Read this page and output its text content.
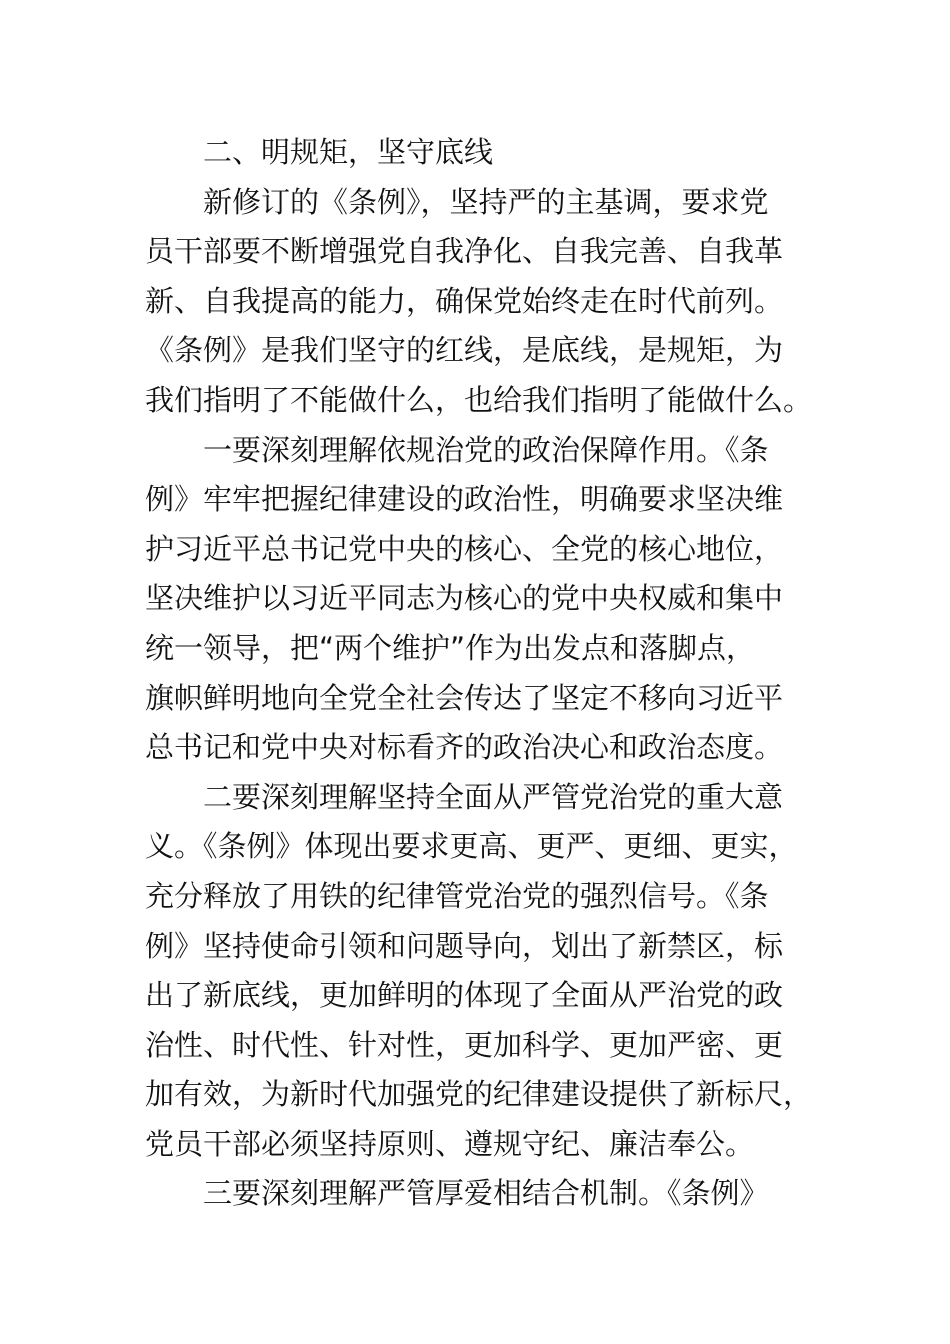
二、明规矩，坚守底线
新修订的《条例》，坚持严的主基调，要求党
员干部要不断增强党自我净化、自我完善、自我革
新、自我提高的能力，确保党始终走在时代前列。
《条例》是我们坚守的红线，是底线，是规矩，为
我们指明了不能做什么，也给我们指明了能做什么。
一要深刻理解依规治党的政治保障作用。《条
例》牢牢把握纪律建设的政治性，明确要求坚决维
护习近平总书记党中央的核心、全党的核心地位，
坚决维护以习近平同志为核心的党中央权威和集中
统一领导，把“两个维护”作为出发点和落脚点，
旗帜鲜明地向全党全社会传达了坚定不移向习近平
总书记和党中央对标看齐的政治决心和政治态度。
二要深刻理解坚持全面从严管党治党的重大意
义。《条例》体现出要求更高、更严、更细、更实，
充分释放了用铁的纪律管党治党的强烈信号。《条
例》坚持使命引领和问题导向，划出了新禁区，标
出了新底线，更加鲜明的体现了全面从严治党的政
治性、时代性、针对性，更加科学、更加严密、更
加有效，为新时代加强党的纪律建设提供了新标尺，
党员干部必须坚持原则、遵规守纪、廉洁奉公。
三要深刻理解严管厚爱相结合机制。《条例》
